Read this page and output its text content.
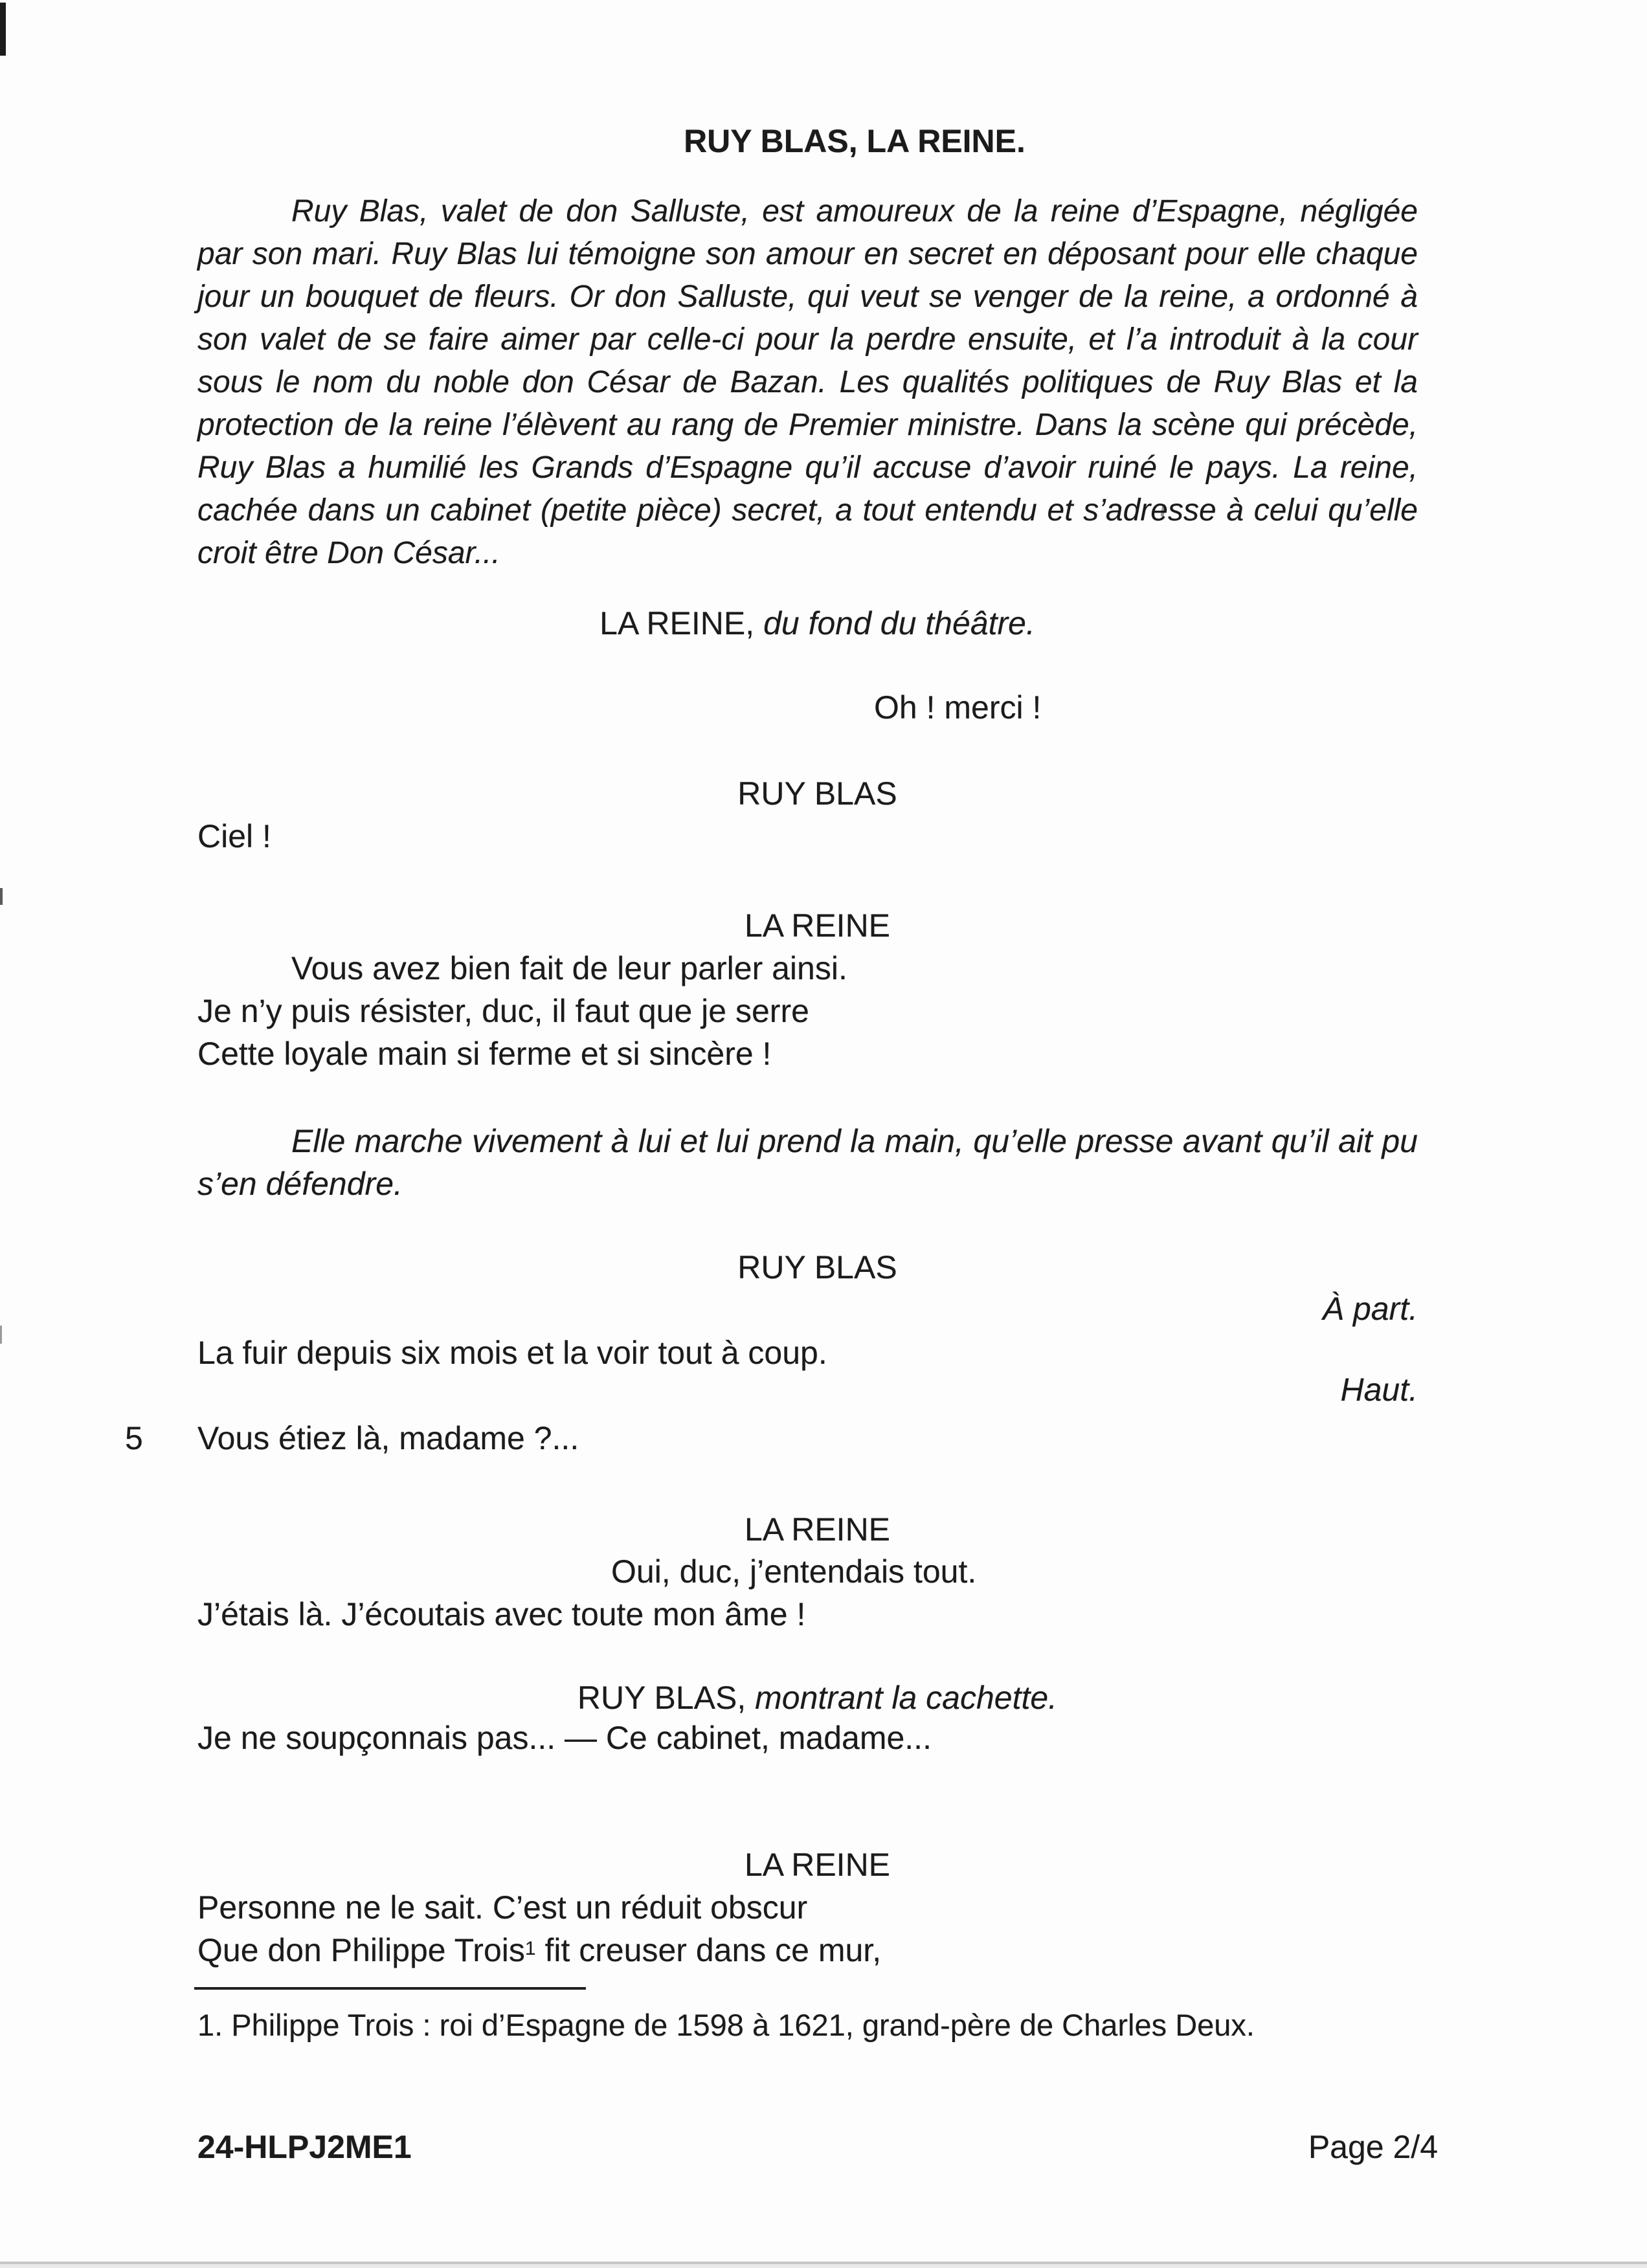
RUY BLAS, LA REINE.
Ruy Blas, valet de don Salluste, est amoureux de la reine d’Espagne, négligée par son mari. Ruy Blas lui témoigne son amour en secret en déposant pour elle chaque jour un bouquet de fleurs. Or don Salluste, qui veut se venger de la reine, a ordonné à son valet de se faire aimer par celle-ci pour la perdre ensuite, et l’a introduit à la cour sous le nom du noble don César de Bazan. Les qualités politiques de Ruy Blas et la protection de la reine l’élèvent au rang de Premier ministre. Dans la scène qui précède, Ruy Blas a humilié les Grands d’Espagne qu’il accuse d’avoir ruiné le pays. La reine, cachée dans un cabinet (petite pièce) secret, a tout entendu et s’adresse à celui qu’elle croit être Don César...
LA REINE, du fond du théâtre.
Oh ! merci !
RUY BLAS
Ciel !
LA REINE
Vous avez bien fait de leur parler ainsi.
Je n’y puis résister, duc, il faut que je serre
Cette loyale main si ferme et si sincère !
Elle marche vivement à lui et lui prend la main, qu’elle presse avant qu’il ait pu s’en défendre.
RUY BLAS
À part.
La fuir depuis six mois et la voir tout à coup.
Haut.
5 Vous étiez là, madame ?...
LA REINE
Oui, duc, j’entendais tout.
J’étais là. J’écoutais avec toute mon âme !
RUY BLAS, montrant la cachette.
Je ne soupçonnais pas... — Ce cabinet, madame...
LA REINE
Personne ne le sait. C’est un réduit obscur
Que don Philippe Trois$^1$ fit creuser dans ce mur,
1. Philippe Trois : roi d’Espagne de 1598 à 1621, grand-père de Charles Deux.
24-HLPJ2ME1	Page 2/4
